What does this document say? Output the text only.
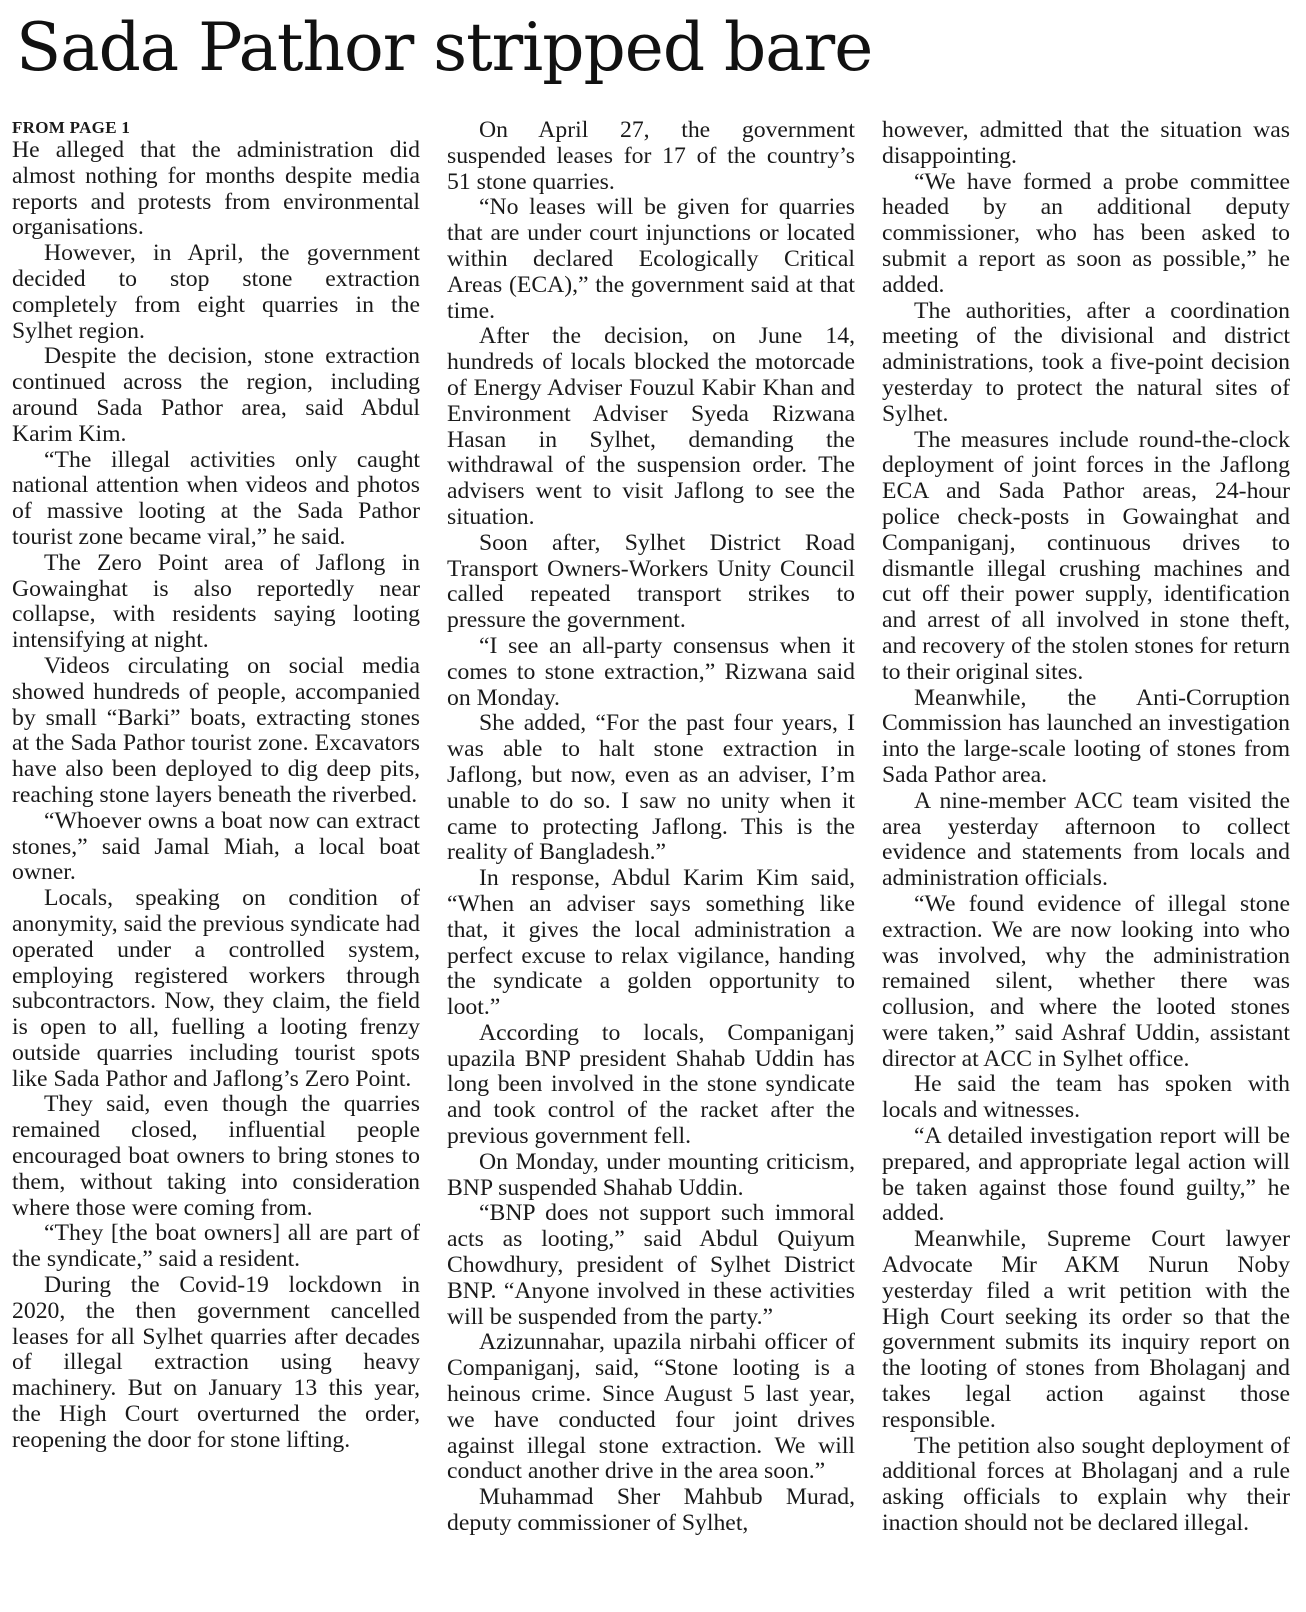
Sada Pathor stripped bare
FROM PAGE 1

He alleged that the administration did almost nothing for months despite media reports and protests from environmental organisations.

However, in April, the government decided to stop stone extraction completely from eight quarries in the Sylhet region.

Despite the decision, stone extraction continued across the region, including around Sada Pathor area, said Abdul Karim Kim.

“The illegal activities only caught national attention when videos and photos of massive looting at the Sada Pathor tourist zone became viral,” he said.

The Zero Point area of Jaflong in Gowainghat is also reportedly near collapse, with residents saying looting intensifying at night.

Videos circulating on social media showed hundreds of people, accompanied by small “Barki” boats, extracting stones at the Sada Pathor tourist zone. Excavators have also been deployed to dig deep pits, reaching stone layers beneath the riverbed.

“Whoever owns a boat now can extract stones,” said Jamal Miah, a local boat owner.

Locals, speaking on condition of anonymity, said the previous syndicate had operated under a controlled system, employing registered workers through subcontractors. Now, they claim, the field is open to all, fuelling a looting frenzy outside quarries including tourist spots like Sada Pathor and Jaflong’s Zero Point.

They said, even though the quarries remained closed, influential people encouraged boat owners to bring stones to them, without taking into consideration where those were coming from.

“They [the boat owners] all are part of the syndicate,” said a resident.

During the Covid-19 lockdown in 2020, the then government cancelled leases for all Sylhet quarries after decades of illegal extraction using heavy machinery. But on January 13 this year, the High Court overturned the order, reopening the door for stone lifting.

On April 27, the government suspended leases for 17 of the country’s 51 stone quarries.

“No leases will be given for quarries that are under court injunctions or located within declared Ecologically Critical Areas (ECA),” the government said at that time.

After the decision, on June 14, hundreds of locals blocked the motorcade of Energy Adviser Fouzul Kabir Khan and Environment Adviser Syeda Rizwana Hasan in Sylhet, demanding the withdrawal of the suspension order. The advisers went to visit Jaflong to see the situation.

Soon after, Sylhet District Road Transport Owners-Workers Unity Council called repeated transport strikes to pressure the government.

“I see an all-party consensus when it comes to stone extraction,” Rizwana said on Monday.

She added, “For the past four years, I was able to halt stone extraction in Jaflong, but now, even as an adviser, I’m unable to do so. I saw no unity when it came to protecting Jaflong. This is the reality of Bangladesh.”

In response, Abdul Karim Kim said, “When an adviser says something like that, it gives the local administration a perfect excuse to relax vigilance, handing the syndicate a golden opportunity to loot.”

According to locals, Companiganj upazila BNP president Shahab Uddin has long been involved in the stone syndicate and took control of the racket after the previous government fell.

On Monday, under mounting criticism, BNP suspended Shahab Uddin.

“BNP does not support such immoral acts as looting,” said Abdul Quiyum Chowdhury, president of Sylhet District BNP. “Anyone involved in these activities will be suspended from the party.”

Azizunnahar, upazila nirbahi officer of Companiganj, said, “Stone looting is a heinous crime. Since August 5 last year, we have conducted four joint drives against illegal stone extraction. We will conduct another drive in the area soon.”

Muhammad Sher Mahbub Murad, deputy commissioner of Sylhet,

however, admitted that the situation was disappointing.

“We have formed a probe committee headed by an additional deputy commissioner, who has been asked to submit a report as soon as possible,” he added.

The authorities, after a coordination meeting of the divisional and district administrations, took a five-point decision yesterday to protect the natural sites of Sylhet.

The measures include round-the-clock deployment of joint forces in the Jaflong ECA and Sada Pathor areas, 24-hour police check-posts in Gowainghat and Companiganj, continuous drives to dismantle illegal crushing machines and cut off their power supply, identification and arrest of all involved in stone theft, and recovery of the stolen stones for return to their original sites.

Meanwhile, the Anti-Corruption Commission has launched an investigation into the large-scale looting of stones from Sada Pathor area.

A nine-member ACC team visited the area yesterday afternoon to collect evidence and statements from locals and administration officials.

“We found evidence of illegal stone extraction. We are now looking into who was involved, why the administration remained silent, whether there was collusion, and where the looted stones were taken,” said Ashraf Uddin, assistant director at ACC in Sylhet office.

He said the team has spoken with locals and witnesses.

“A detailed investigation report will be prepared, and appropriate legal action will be taken against those found guilty,” he added.

Meanwhile, Supreme Court lawyer Advocate Mir AKM Nurun Noby yesterday filed a writ petition with the High Court seeking its order so that the government submits its inquiry report on the looting of stones from Bholaganj and takes legal action against those responsible.

The petition also sought deployment of additional forces at Bholaganj and a rule asking officials to explain why their inaction should not be declared illegal.
